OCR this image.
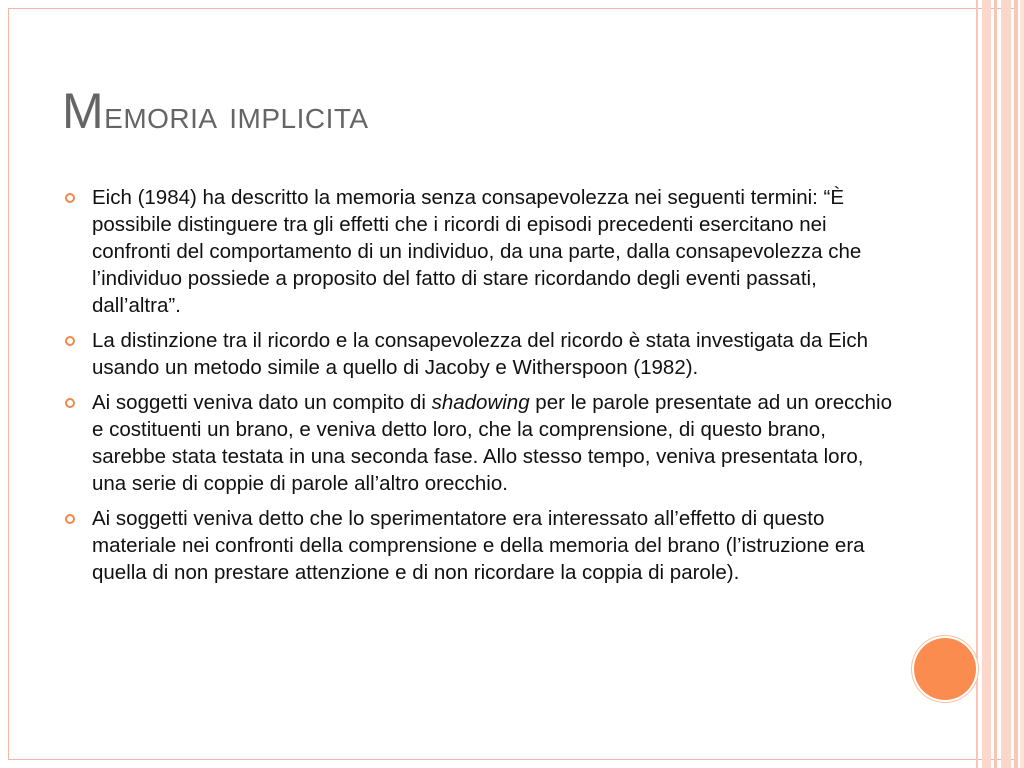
Memoria implicita
Eich (1984) ha descritto la memoria senza consapevolezza nei seguenti termini: “È possibile distinguere tra gli effetti che i ricordi di episodi precedenti esercitano nei confronti del comportamento di un individuo, da una parte, dalla consapevolezza che l’individuo possiede a proposito del fatto di stare ricordando degli eventi passati, dall’altra”.
La distinzione tra il ricordo e la consapevolezza del ricordo è stata investigata da Eich usando un metodo simile a quello di Jacoby e Witherspoon (1982).
Ai soggetti veniva dato un compito di shadowing per le parole presentate ad un orecchio e costituenti un brano, e veniva detto loro, che la comprensione, di questo brano, sarebbe stata testata in una seconda fase. Allo stesso tempo, veniva presentata loro, una serie di coppie di parole all’altro orecchio.
Ai soggetti veniva detto che lo sperimentatore era interessato all’effetto di questo materiale nei confronti della comprensione e della memoria del brano (l’istruzione era quella di non prestare attenzione e di non ricordare la coppia di parole).
